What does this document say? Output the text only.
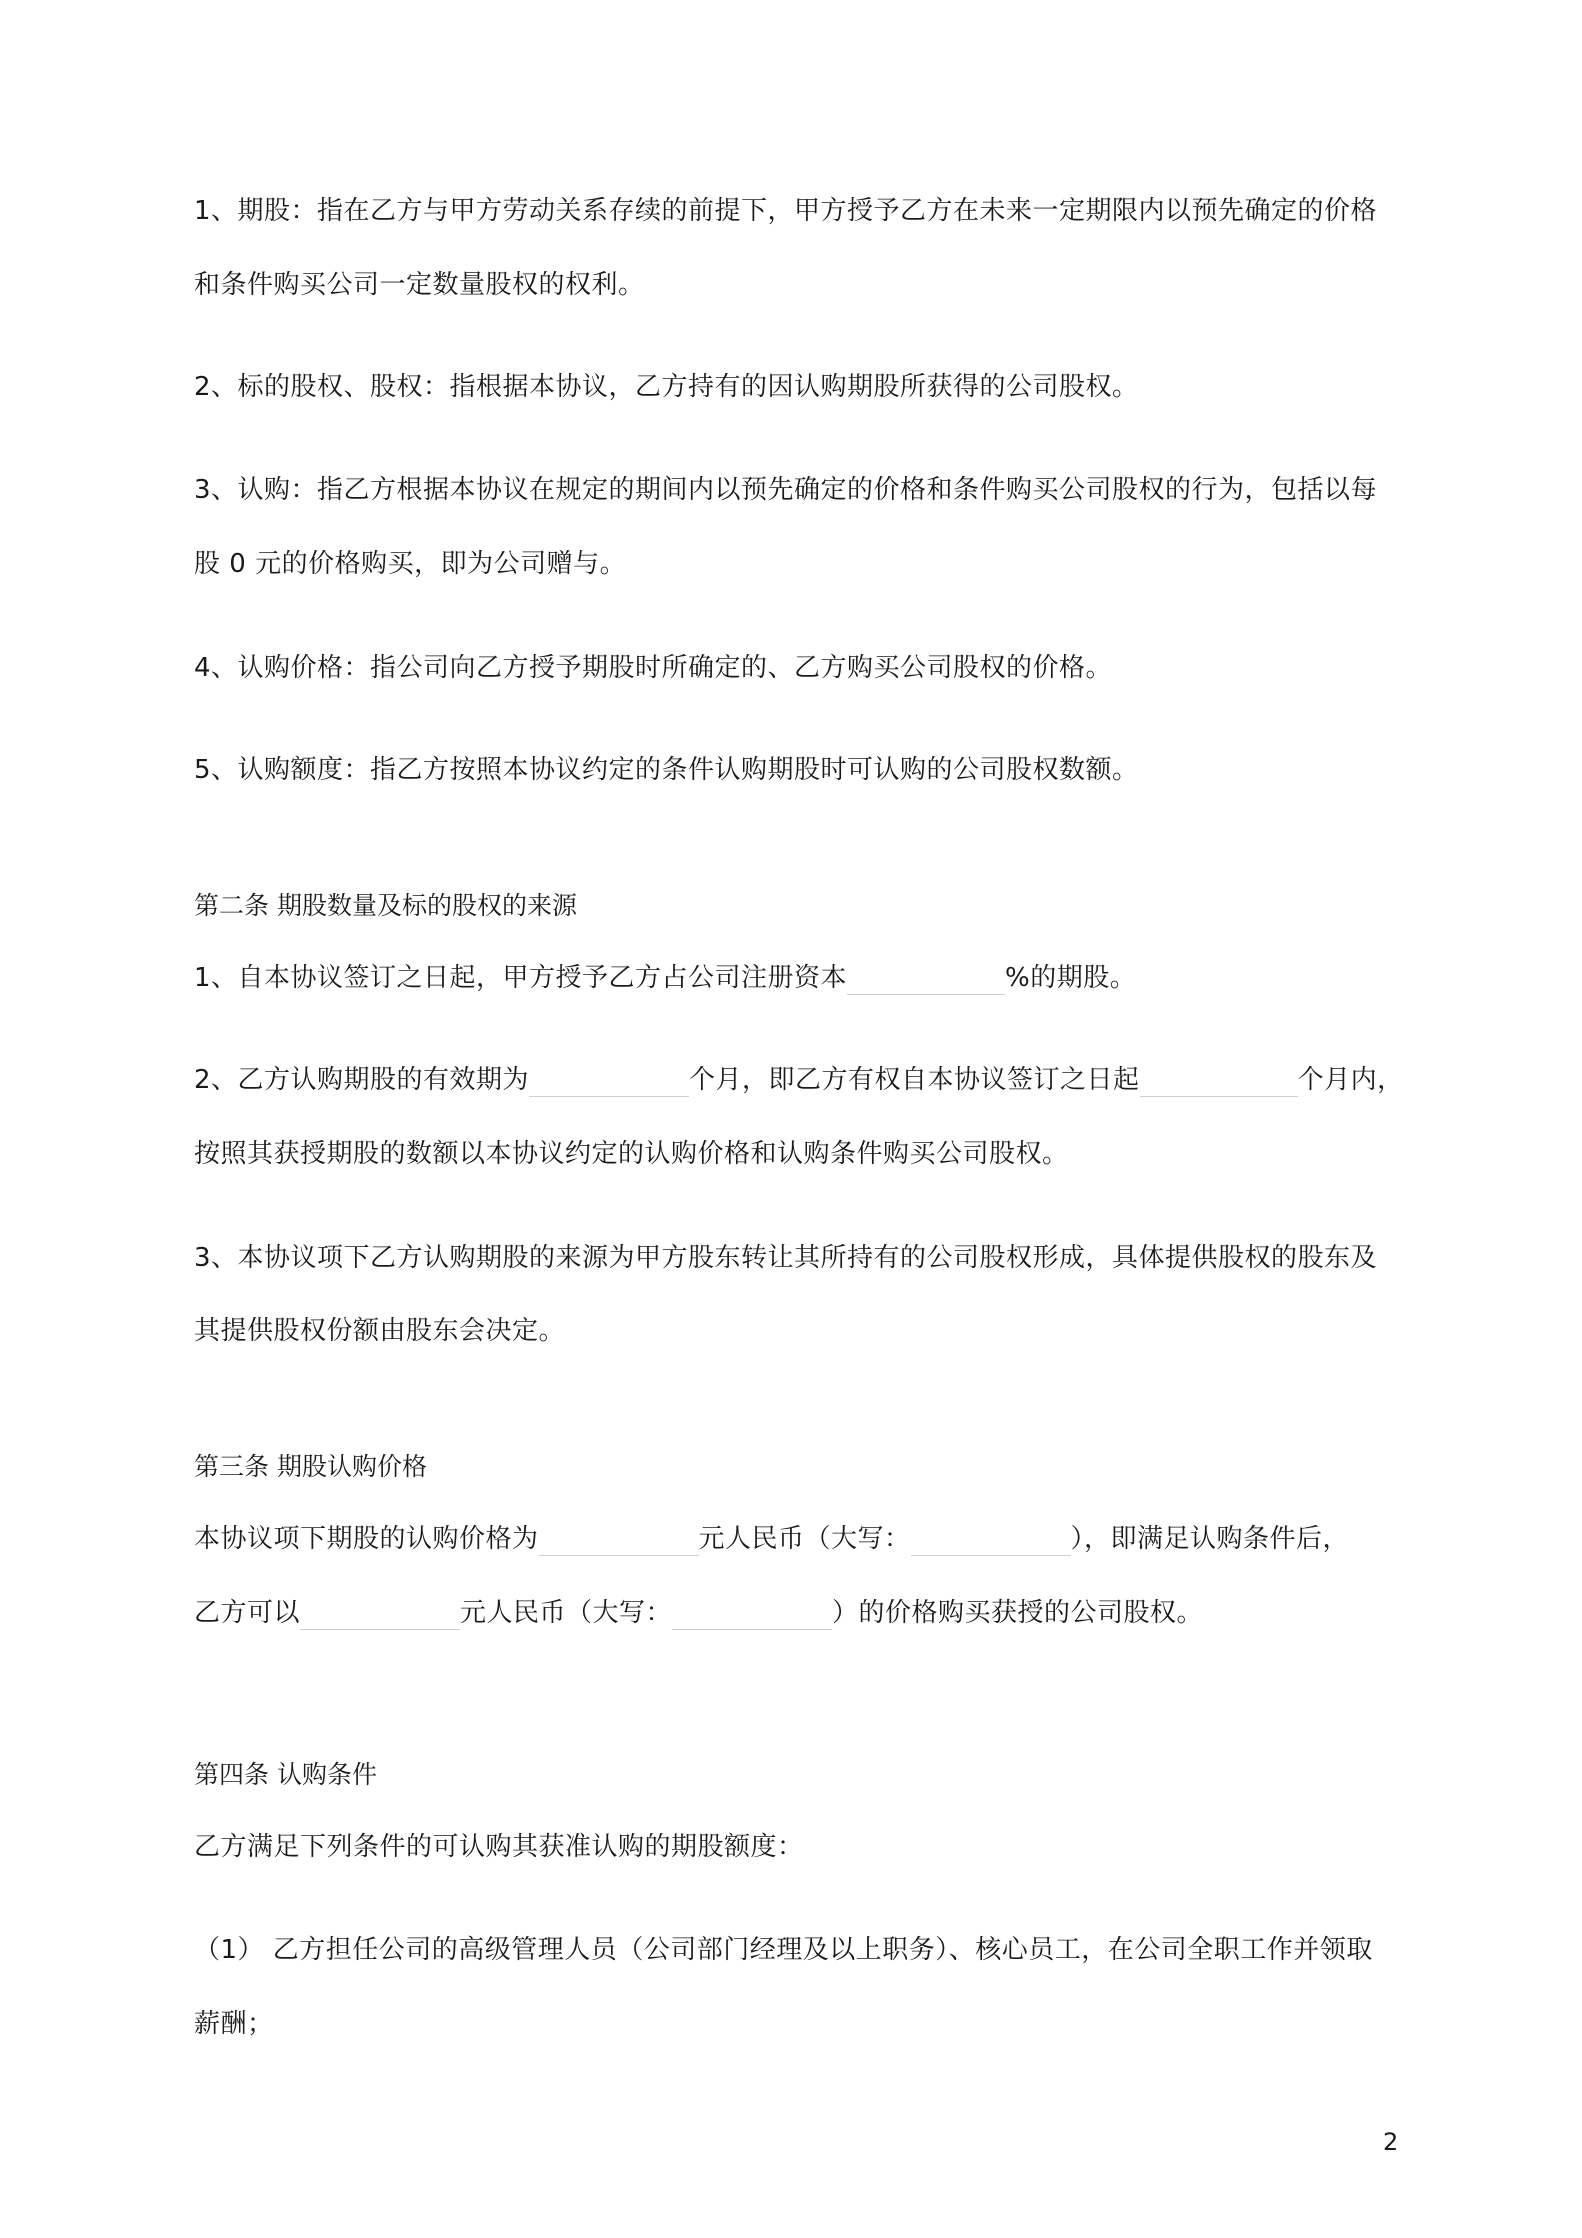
1、期股：指在乙方与甲方劳动关系存续的前提下，甲方授予乙方在未来一定期限内以预先确定的价格
和条件购买公司一定数量股权的权利。
2、标的股权、股权：指根据本协议，乙方持有的因认购期股所获得的公司股权。
3、认购：指乙方根据本协议在规定的期间内以预先确定的价格和条件购买公司股权的行为，包括以每
股 0 元的价格购买，即为公司赠与。
4、认购价格：指公司向乙方授予期股时所确定的、乙方购买公司股权的价格。
5、认购额度：指乙方按照本协议约定的条件认购期股时可认购的公司股权数额。
第二条 期股数量及标的股权的来源
1、自本协议签订之日起，甲方授予乙方占公司注册资本	%的期股。
2、乙方认购期股的有效期为	个月，即乙方有权自本协议签订之日起	个月内，
按照其获授期股的数额以本协议约定的认购价格和认购条件购买公司股权。
3、本协议项下乙方认购期股的来源为甲方股东转让其所持有的公司股权形成，具体提供股权的股东及
其提供股权份额由股东会决定。
第三条 期股认购价格
本协议项下期股的认购价格为	元人民币（大写：	），即满足认购条件后，
乙方可以	元人民币（大写：	）的价格购买获授的公司股权。
第四条 认购条件
乙方满足下列条件的可认购其获准认购的期股额度：
（1） 乙方担任公司的高级管理人员（公司部门经理及以上职务）、核心员工，在公司全职工作并领取
薪酬；
2
